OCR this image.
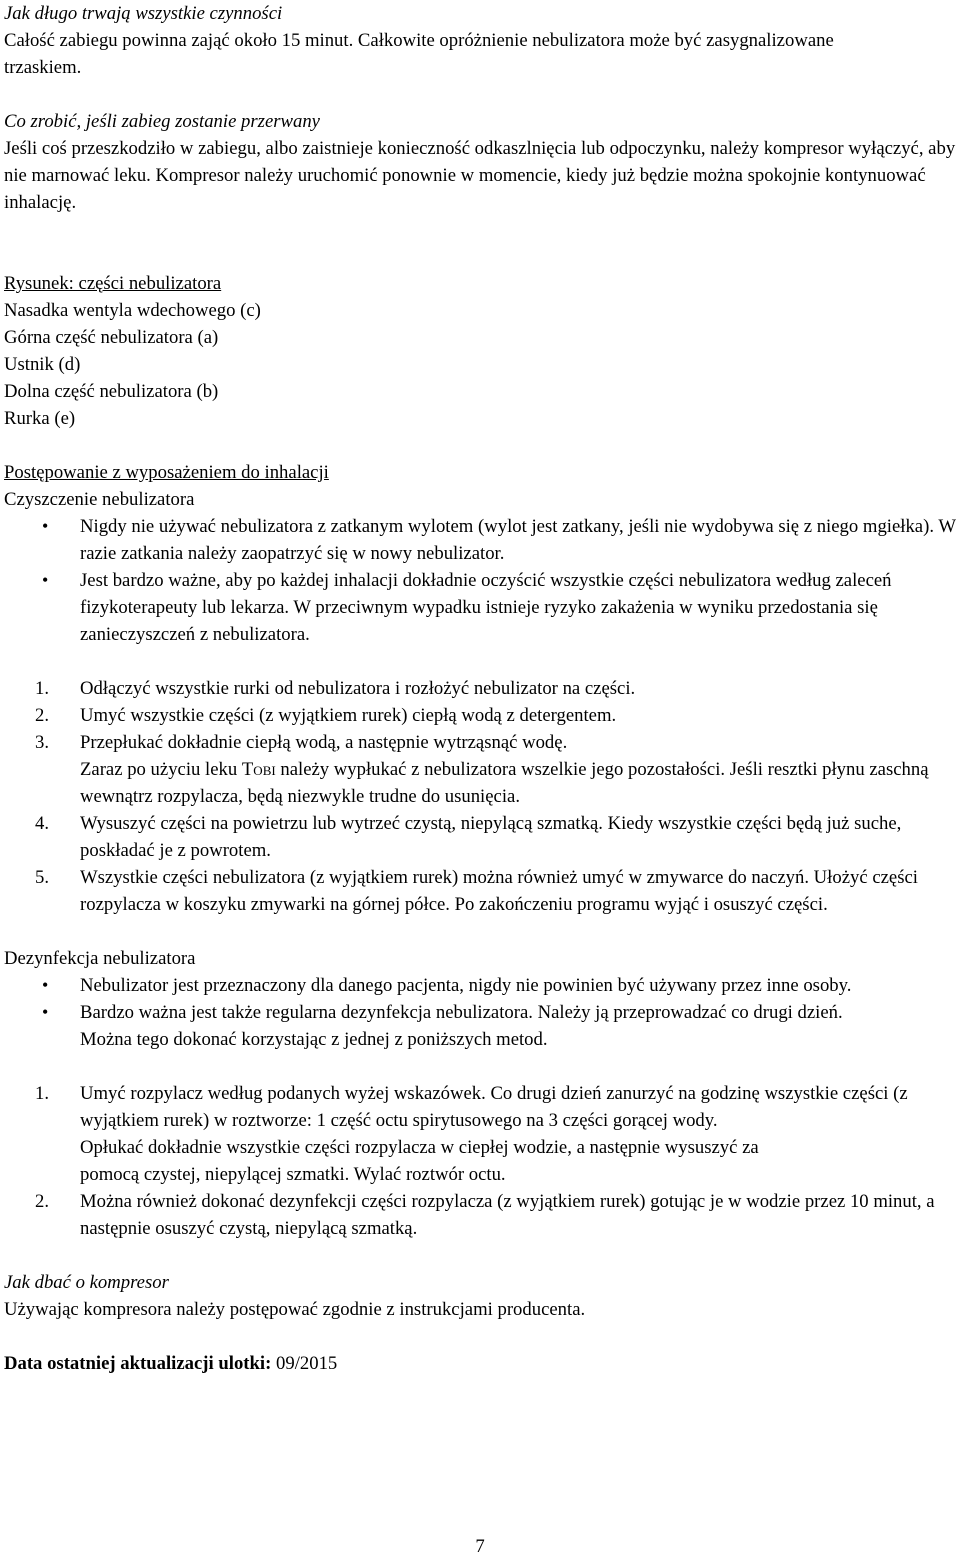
Jak długo trwają wszystkie czynności

Całość zabiegu powinna zająć około 15 minut. Całkowite opróżnienie nebulizatora może być zasygnalizowane trzaskiem.

Co zrobić, jeśli zabieg zostanie przerwany

Jeśli coś przeszkodziło w zabiegu, albo zaistnieje konieczność odkaszlnięcia lub odpoczynku, należy kompresor wyłączyć, aby nie marnować leku. Kompresor należy uruchomić ponownie w momencie, kiedy już będzie można spokojnie kontynuować inhalację.

Rysunek: części nebulizatora

Nasadka wentyla wdechowego (c)

Górna część nebulizatora (a)

Ustnik (d)

Dolna część nebulizatora (b)

Rurka (e)

Postępowanie z wyposażeniem do inhalacji

Czyszczenie nebulizatora

• Nigdy nie używać nebulizatora z zatkanym wylotem (wylot jest zatkany, jeśli nie wydobywa się z niego mgiełka). W razie zatkania należy zaopatrzyć się w nowy nebulizator.
• Jest bardzo ważne, aby po każdej inhalacji dokładnie oczyścić wszystkie części nebulizatora według zaleceń fizykoterapeuty lub lekarza. W przeciwnym wypadku istnieje ryzyko zakażenia w wyniku przedostania się zanieczyszczeń z nebulizatora.
1. Odłączyć wszystkie rurki od nebulizatora i rozłożyć nebulizator na części.
2. Umyć wszystkie części (z wyjątkiem rurek) ciepłą wodą z detergentem.
3. Przepłukać dokładnie ciepłą wodą, a następnie wytrząsnąć wodę.
Zaraz po użyciu leku Tobi należy wypłukać z nebulizatora wszelkie jego pozostałości. Jeśli resztki płynu zaschną wewnątrz rozpylacza, będą niezwykle trudne do usunięcia.
4. Wysuszyć części na powietrzu lub wytrzeć czystą, niepylącą szmatką. Kiedy wszystkie części będą już suche, poskładać je z powrotem.
5. Wszystkie części nebulizatora (z wyjątkiem rurek) można również umyć w zmywarce do naczyń. Ułożyć części rozpylacza w koszyku zmywarki na górnej półce. Po zakończeniu programu wyjąć i osuszyć części.

Dezynfekcja nebulizatora

• Nebulizator jest przeznaczony dla danego pacjenta, nigdy nie powinien być używany przez inne osoby.
• Bardzo ważna jest także regularna dezynfekcja nebulizatora. Należy ją przeprowadzać co drugi dzień. Można tego dokonać korzystając z jednej z poniższych metod.
1. Umyć rozpylacz według podanych wyżej wskazówek. Co drugi dzień zanurzyć na godzinę wszystkie części (z wyjątkiem rurek) w roztworze: 1 część octu spirytusowego na 3 części gorącej wody.
Opłukać dokładnie wszystkie części rozpylacza w ciepłej wodzie, a następnie wysuszyć za pomocą czystej, niepylącej szmatki. Wylać roztwór octu.
2. Można również dokonać dezynfekcji części rozpylacza (z wyjątkiem rurek) gotując je w wodzie przez 10 minut, a następnie osuszyć czystą, niepylącą szmatką.

Jak dbać o kompresor

Używając kompresora należy postępować zgodnie z instrukcjami producenta.

Data ostatniej aktualizacji ulotki: 09/2015

7
